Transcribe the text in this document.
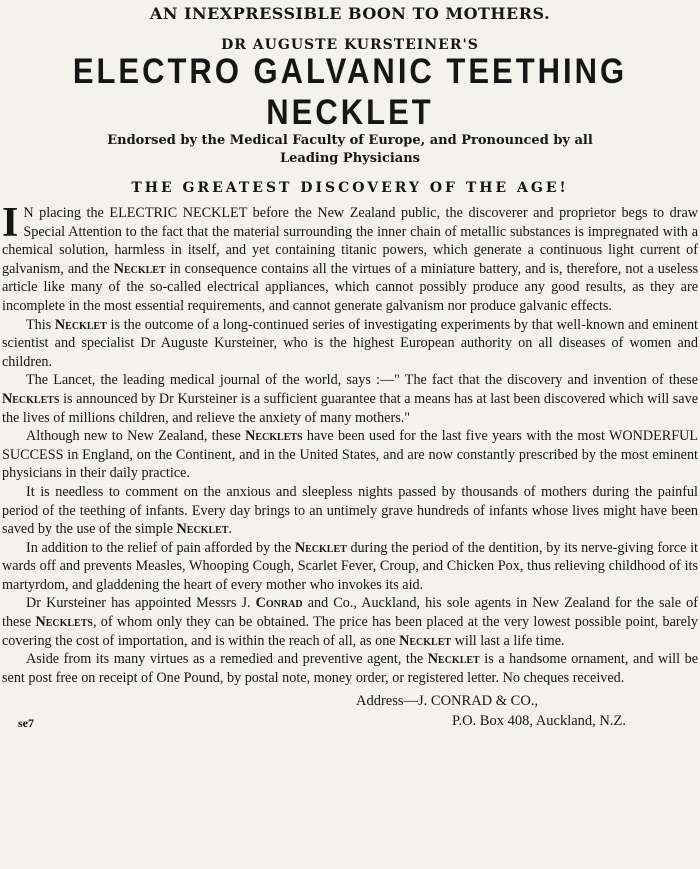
AN INEXPRESSIBLE BOON TO MOTHERS.
DR AUGUSTE KURSTEINER'S
ELECTRO GALVANIC TEETHING NECKLET
Endorsed by the Medical Faculty of Europe, and Pronounced by all
Leading Physicians
THE GREATEST DISCOVERY OF THE AGE!

I N placing the ELECTRIC NECKLET before the New Zealand public, the discoverer and proprietor begs to draw Special Attention to the fact that the material surrounding the inner chain of metallic substances is impregnated with a chemical solution, harmless in itself, and yet containing titanic powers, which generate a continuous light current of galvanism, and the Necklet in consequence contains all the virtues of a miniature battery, and is, therefore, not a useless article like many of the so-called electrical appliances, which cannot possibly produce any good results, as they are incomplete in the most essential requirements, and cannot generate galvanism nor produce galvanic effects.

This Necklet is the outcome of a long-continued series of investigating experiments by that well-known and eminent scientist and specialist Dr Auguste Kursteiner, who is the highest European authority on all diseases of women and children.

The Lancet, the leading medical journal of the world, says :—" The fact that the discovery and invention of these Necklets is announced by Dr Kursteiner is a sufficient guarantee that a means has at last been discovered which will save the lives of millions children, and relieve the anxiety of many mothers."

Although new to New Zealand, these Necklets have been used for the last five years with the most WONDERFUL SUCCESS in England, on the Continent, and in the United States, and are now constantly prescribed by the most eminent physicians in their daily practice.

It is needless to comment on the anxious and sleepless nights passed by thousands of mothers during the painful period of the teething of infants. Every day brings to an untimely grave hundreds of infants whose lives might have been saved by the use of the simple Necklet.

In addition to the relief of pain afforded by the Necklet during the period of the dentition, by its nerve-giving force it wards off and prevents Measles, Whooping Cough, Scarlet Fever, Croup, and Chicken Pox, thus relieving childhood of its martyrdom, and gladdening the heart of every mother who invokes its aid.

Dr Kursteiner has appointed Messrs J. Conrad and Co., Auckland, his sole agents in New Zealand for the sale of these Necklets, of whom only they can be obtained. The price has been placed at the very lowest possible point, barely covering the cost of importation, and is within the reach of all, as one Necklet will last a life time.

Aside from its many virtues as a remedied and preventive agent, the Necklet is a handsome ornament, and will be sent post free on receipt of One Pound, by postal note, money order, or registered letter. No cheques received.

Address—J. CONRAD & CO.,
se7	P.O. Box 408, Auckland, N.Z.
